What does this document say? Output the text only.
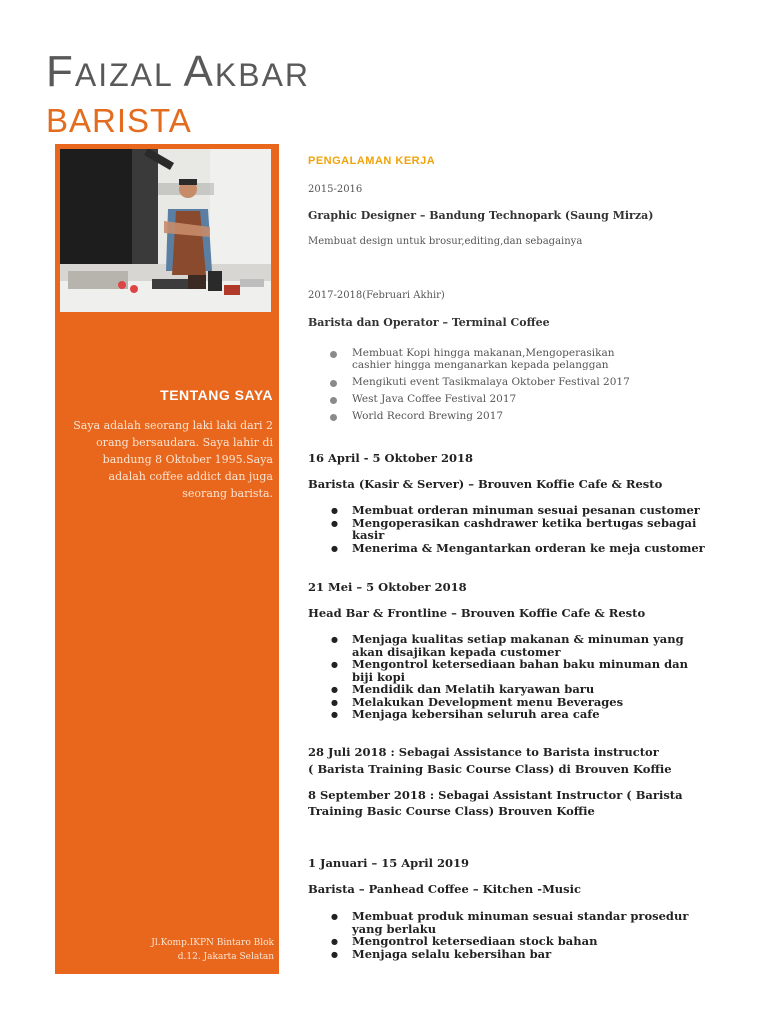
FAIZAL AKBAR
BARISTA
TENTANG SAYA

Saya adalah seorang laki laki dari 2 orang bersaudara. Saya lahir di bandung 8 Oktober 1995.Saya adalah coffee addict dan juga seorang barista.

Jl.Komp.IKPN Bintaro Blok
d.12. Jakarta Selatan

PENGALAMAN KERJA

2015-2016

Graphic Designer – Bandung Technopark (Saung Mirza)

Membuat design untuk brosur,editing,dan sebagainya

2017-2018(Februari Akhir)

Barista dan Operator – Terminal Coffee

Membuat Kopi hingga makanan,Mengoperasikan cashier hingga menganarkan kepada pelanggan
Mengikuti event Tasikmalaya Oktober Festival 2017
West Java Coffee Festival 2017
World Record Brewing 2017

16 April - 5 Oktober 2018

Barista (Kasir & Server) – Brouven Koffie Cafe & Resto

● Membuat orderan minuman sesuai pesanan customer
● Mengoperasikan cashdrawer ketika bertugas sebagai kasir
● Menerima & Mengantarkan orderan ke meja customer

21 Mei – 5 Oktober 2018

Head Bar & Frontline – Brouven Koffie Cafe & Resto

● Menjaga kualitas setiap makanan & minuman yang akan disajikan kepada customer
● Mengontrol ketersediaan bahan baku minuman dan biji kopi
● Mendidik dan Melatih karyawan baru
● Melakukan Development menu Beverages
● Menjaga kebersihan seluruh area cafe

28 Juli 2018 : Sebagai Assistance to Barista instructor

( Barista Training Basic Course Class) di Brouven Koffie

8 September 2018 : Sebagai Assistant Instructor ( Barista

Training Basic Course Class) Brouven Koffie

1 Januari – 15 April 2019

Barista – Panhead Coffee – Kitchen -Music

● Membuat produk minuman sesuai standar prosedur yang berlaku
● Mengontrol ketersediaan stock bahan
● Menjaga selalu kebersihan bar
